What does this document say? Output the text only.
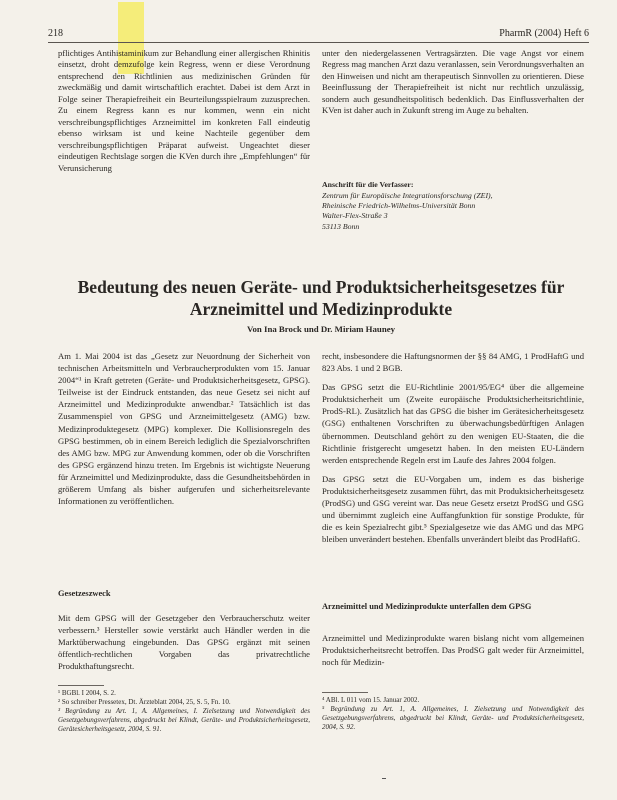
218	PharmR (2004) Heft 6

pflichtiges Antihistaminikum zur Behandlung einer allergischen Rhinitis einsetzt, droht demzufolge kein Regress, wenn er diese Verordnung entsprechend den Richtlinien aus medizinischen Gründen für zweckmäßig und damit wirtschaftlich erachtet. Dabei ist dem Arzt in Folge seiner Therapiefreiheit ein Beurteilungsspielraum zuzusprechen. Zu einem Regress kann es nur kommen, wenn ein nicht verschreibungspflichtiges Arzneimittel im konkreten Fall eindeutig ebenso wirksam ist und keine Nachteile gegenüber dem verschreibungspflichtigen Präparat aufweist. Ungeachtet dieser eindeutigen Rechtslage sorgen die KVen durch ihre „Empfehlungen“ für Verunsicherung

unter den niedergelassenen Vertragsärzten. Die vage Angst vor einem Regress mag manchen Arzt dazu veranlassen, sein Verordnungsverhalten an den Hinweisen und nicht am therapeutisch Sinnvollen zu orientieren. Diese Beeinflussung der Therapiefreiheit ist nicht nur rechtlich unzulässig, sondern auch gesundheitspolitisch bedenklich. Das Einflussverhalten der KVen ist daher auch in Zukunft streng im Auge zu behalten.

Anschrift für die Verfasser:
Zentrum für Europäische Integrationsforschung (ZEI),
Rheinische Friedrich-Wilhelms-Universität Bonn
Walter-Flex-Straße 3
53113 Bonn
Bedeutung des neuen Geräte- und Produktsicherheitsgesetzes für Arzneimittel und Medizinprodukte
Von Ina Brock und Dr. Miriam Hauney
Am 1. Mai 2004 ist das „Gesetz zur Neuordnung der Sicherheit von technischen Arbeitsmitteln und Verbraucherprodukten vom 15. Januar 2004“¹ in Kraft getreten (Geräte- und Produktsicherheitsgesetz, GPSG). Teilweise ist der Eindruck entstanden, das neue Gesetz sei nicht auf Arzneimittel und Medizinprodukte anwendbar.² Tatsächlich ist das Zusammenspiel von GPSG und Arzneimittelgesetz (AMG) bzw. Medizinproduktegesetz (MPG) komplexer. Die Kollisionsregeln des GPSG bestimmen, ob in einem Bereich lediglich die Spezialvorschriften des AMG bzw. MPG zur Anwendung kommen, oder ob die Vorschriften des GPSG ergänzend hinzu treten. Im Ergebnis ist wichtigste Neuerung für Arzneimittel und Medizinprodukte, dass die Gesundheitsbehörden in größerem Umfang als bisher aufgerufen und sicherheitsrelevante Informationen zu veröffentlichen.
Gesetzeszweck
Mit dem GPSG will der Gesetzgeber den Verbraucherschutz weiter verbessern.³ Hersteller sowie verstärkt auch Händler werden in die Marktüberwachung eingebunden. Das GPSG ergänzt mit seinen öffentlich-rechtlichen Vorgaben das privatrechtliche Produkthaftungsrecht.

recht, insbesondere die Haftungsnormen der §§ 84 AMG, 1 ProdHaftG und 823 Abs. 1 und 2 BGB.

Das GPSG setzt die EU-Richtlinie 2001/95/EG⁴ über die allgemeine Produktsicherheit um (Zweite europäische Produktsicherheitsrichtlinie, ProdS-RL). Zusätzlich hat das GPSG die bisher im Gerätesicherheitsgesetz (GSG) enthaltenen Vorschriften zu überwachungsbedürftigen Anlagen übernommen. Deutschland gehört zu den wenigen EU-Staaten, die die Richtlinie fristgerecht umgesetzt haben. In den meisten EU-Ländern werden entsprechende Regeln erst im Laufe des Jahres 2004 folgen.

Das GPSG setzt die EU-Vorgaben um, indem es das bisherige Produktsicherheitsgesetz zusammen führt, das mit Produktsicherheitsgesetz (ProdSG) und GSG vereint war. Das neue Gesetz ersetzt ProdSG und GSG und übernimmt zugleich eine Auffangfunktion für sonstige Produkte, für die es kein Spezialrecht gibt.⁵ Spezialgesetze wie das AMG und das MPG bleiben unverändert bestehen. Ebenfalls unverändert bleibt das ProdHaftG.

Arzneimittel und Medizinprodukte unterfallen dem GPSG
Arzneimittel und Medizinprodukte waren bislang nicht vom allgemeinen Produktsicherheitsrecht betroffen. Das ProdSG galt weder für Arzneimittel, noch für Medizin-
¹ BGBl. I 2004, S. 2.
² So schreiber Pressetex, Dt. Ärzteblatt 2004, 25, S. 5, Fn. 10.
³ Begründung zu Art. 1, A. Allgemeines, I. Zielsetzung und Notwendigkeit des Gesetzgebungsverfahrens, abgedruckt bei Klindt, Geräte- und Produktsicherheitsgesetz, Gerätesicherheitsgesetz, 2004, S. 91.
⁴ ABl. L 011 vom 15. Januar 2002.
⁵ Begründung zu Art. 1, A. Allgemeines, I. Zielsetzung und Notwendigkeit des Gesetzgebungsverfahrens, abgedruckt bei Klindt, Geräte- und Produktsicherheitsgesetz, 2004, S. 92.
